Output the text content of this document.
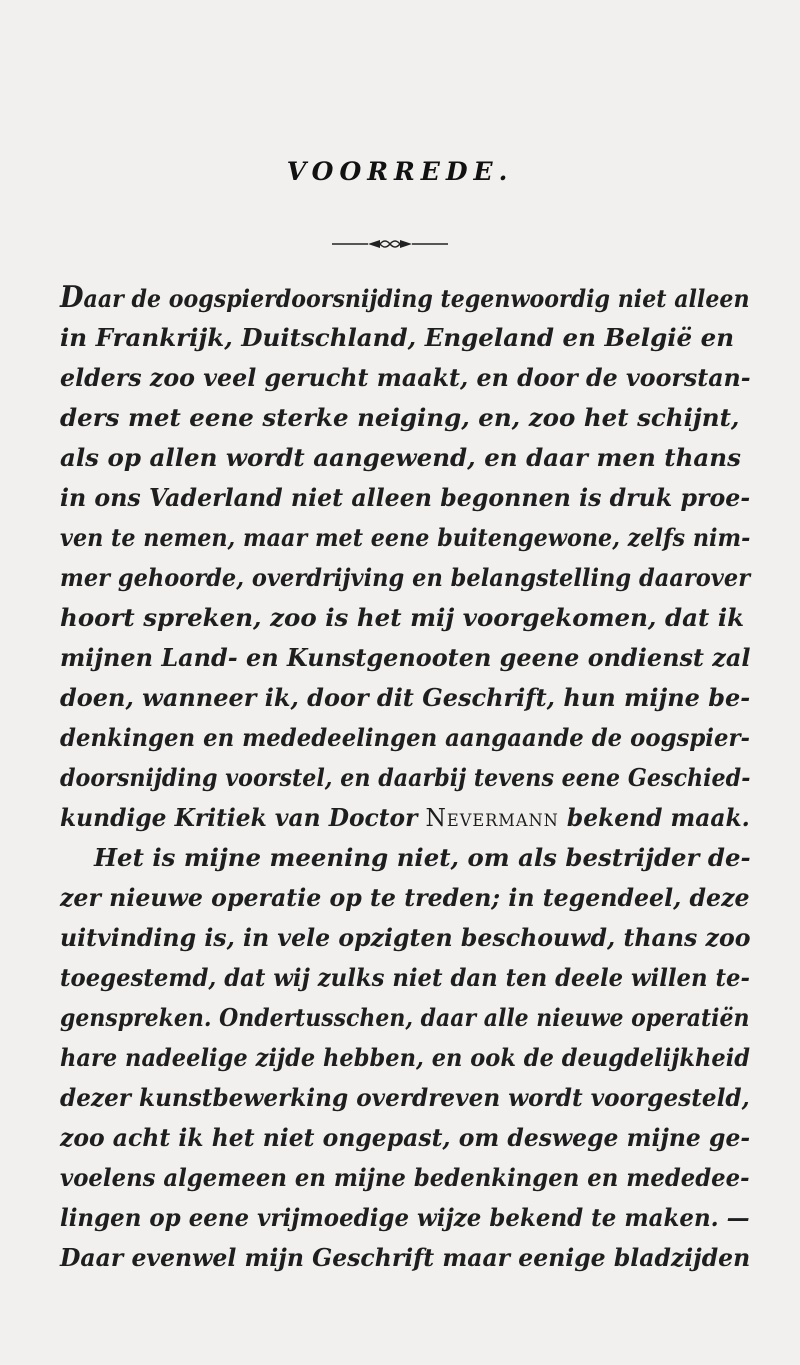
VOORREDE.
Daar de oogspierdoorsnijding tegenwoordig niet alleen
in Frankrijk, Duitschland, Engeland en België en
elders zoo veel gerucht maakt, en door de voorstan-
ders met eene sterke neiging, en, zoo het schijnt,
als op allen wordt aangewend, en daar men thans
in ons Vaderland niet alleen begonnen is druk proe-
ven te nemen, maar met eene buitengewone, zelfs nim-
mer gehoorde, overdrijving en belangstelling daarover
hoort spreken, zoo is het mij voorgekomen, dat ik
mijnen Land- en Kunstgenooten geene ondienst zal
doen, wanneer ik, door dit Geschrift, hun mijne be-
denkingen en mededeelingen aangaande de oogspier-
doorsnijding voorstel, en daarbij tevens eene Geschied-
kundige Kritiek van Doctor Nevermann bekend maak.
Het is mijne meening niet, om als bestrijder de-
zer nieuwe operatie op te treden; in tegendeel, deze
uitvinding is, in vele opzigten beschouwd, thans zoo
toegestemd, dat wij zulks niet dan ten deele willen te-
genspreken. Ondertusschen, daar alle nieuwe operatiën
hare nadeelige zijde hebben, en ook de deugdelijkheid
dezer kunstbewerking overdreven wordt voorgesteld,
zoo acht ik het niet ongepast, om deswege mijne ge-
voelens algemeen en mijne bedenkingen en mededee-
lingen op eene vrijmoedige wijze bekend te maken. —
Daar evenwel mijn Geschrift maar eenige bladzijden
